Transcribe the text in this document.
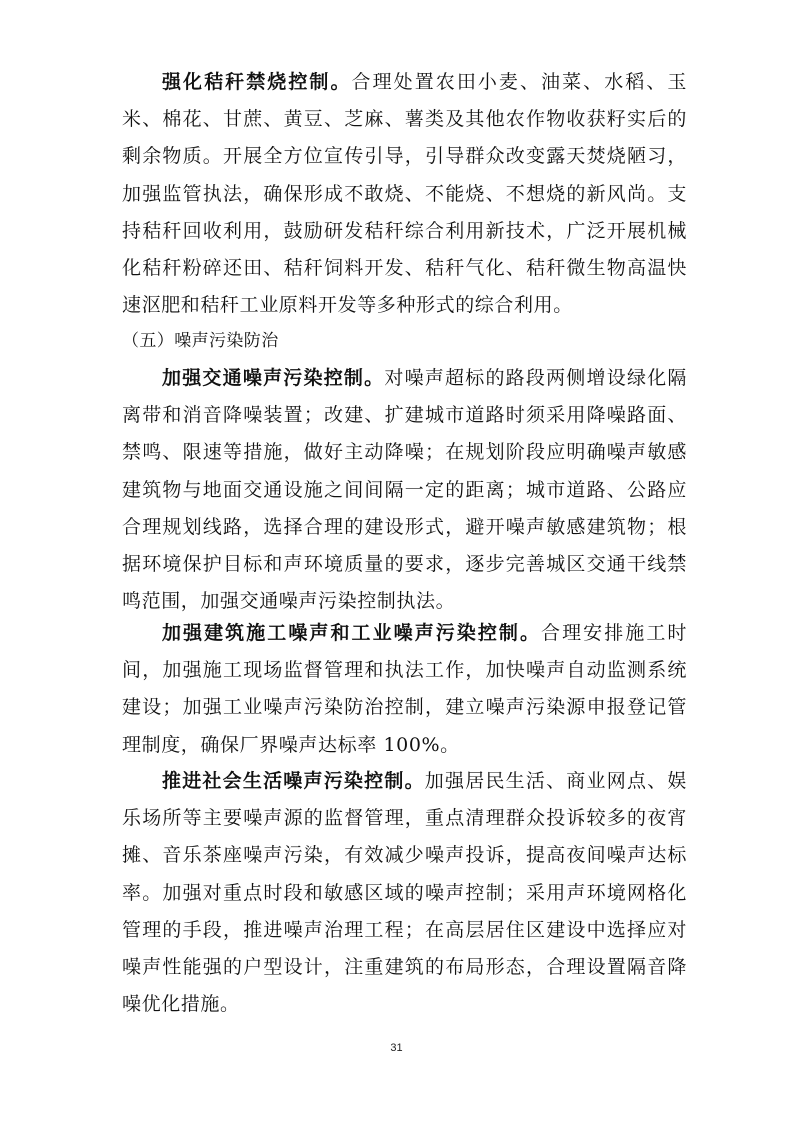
强化秸秆禁烧控制。合理处置农田小麦、油菜、水稻、玉米、棉花、甘蔗、黄豆、芝麻、薯类及其他农作物收获籽实后的剩余物质。开展全方位宣传引导，引导群众改变露天焚烧陋习，加强监管执法，确保形成不敢烧、不能烧、不想烧的新风尚。支持秸秆回收利用，鼓励研发秸秆综合利用新技术，广泛开展机械化秸秆粉碎还田、秸秆饲料开发、秸秆气化、秸秆微生物高温快速沤肥和秸秆工业原料开发等多种形式的综合利用。

（五）噪声污染防治

加强交通噪声污染控制。对噪声超标的路段两侧增设绿化隔离带和消音降噪装置；改建、扩建城市道路时须采用降噪路面、禁鸣、限速等措施，做好主动降噪；在规划阶段应明确噪声敏感建筑物与地面交通设施之间间隔一定的距离；城市道路、公路应合理规划线路，选择合理的建设形式，避开噪声敏感建筑物；根据环境保护目标和声环境质量的要求，逐步完善城区交通干线禁鸣范围，加强交通噪声污染控制执法。

加强建筑施工噪声和工业噪声污染控制。合理安排施工时间，加强施工现场监督管理和执法工作，加快噪声自动监测系统建设；加强工业噪声污染防治控制，建立噪声污染源申报登记管理制度，确保厂界噪声达标率 100%。

推进社会生活噪声污染控制。加强居民生活、商业网点、娱乐场所等主要噪声源的监督管理，重点清理群众投诉较多的夜宵摊、音乐茶座噪声污染，有效减少噪声投诉，提高夜间噪声达标率。加强对重点时段和敏感区域的噪声控制；采用声环境网格化管理的手段，推进噪声治理工程；在高层居住区建设中选择应对噪声性能强的户型设计，注重建筑的布局形态，合理设置隔音降噪优化措施。

31
